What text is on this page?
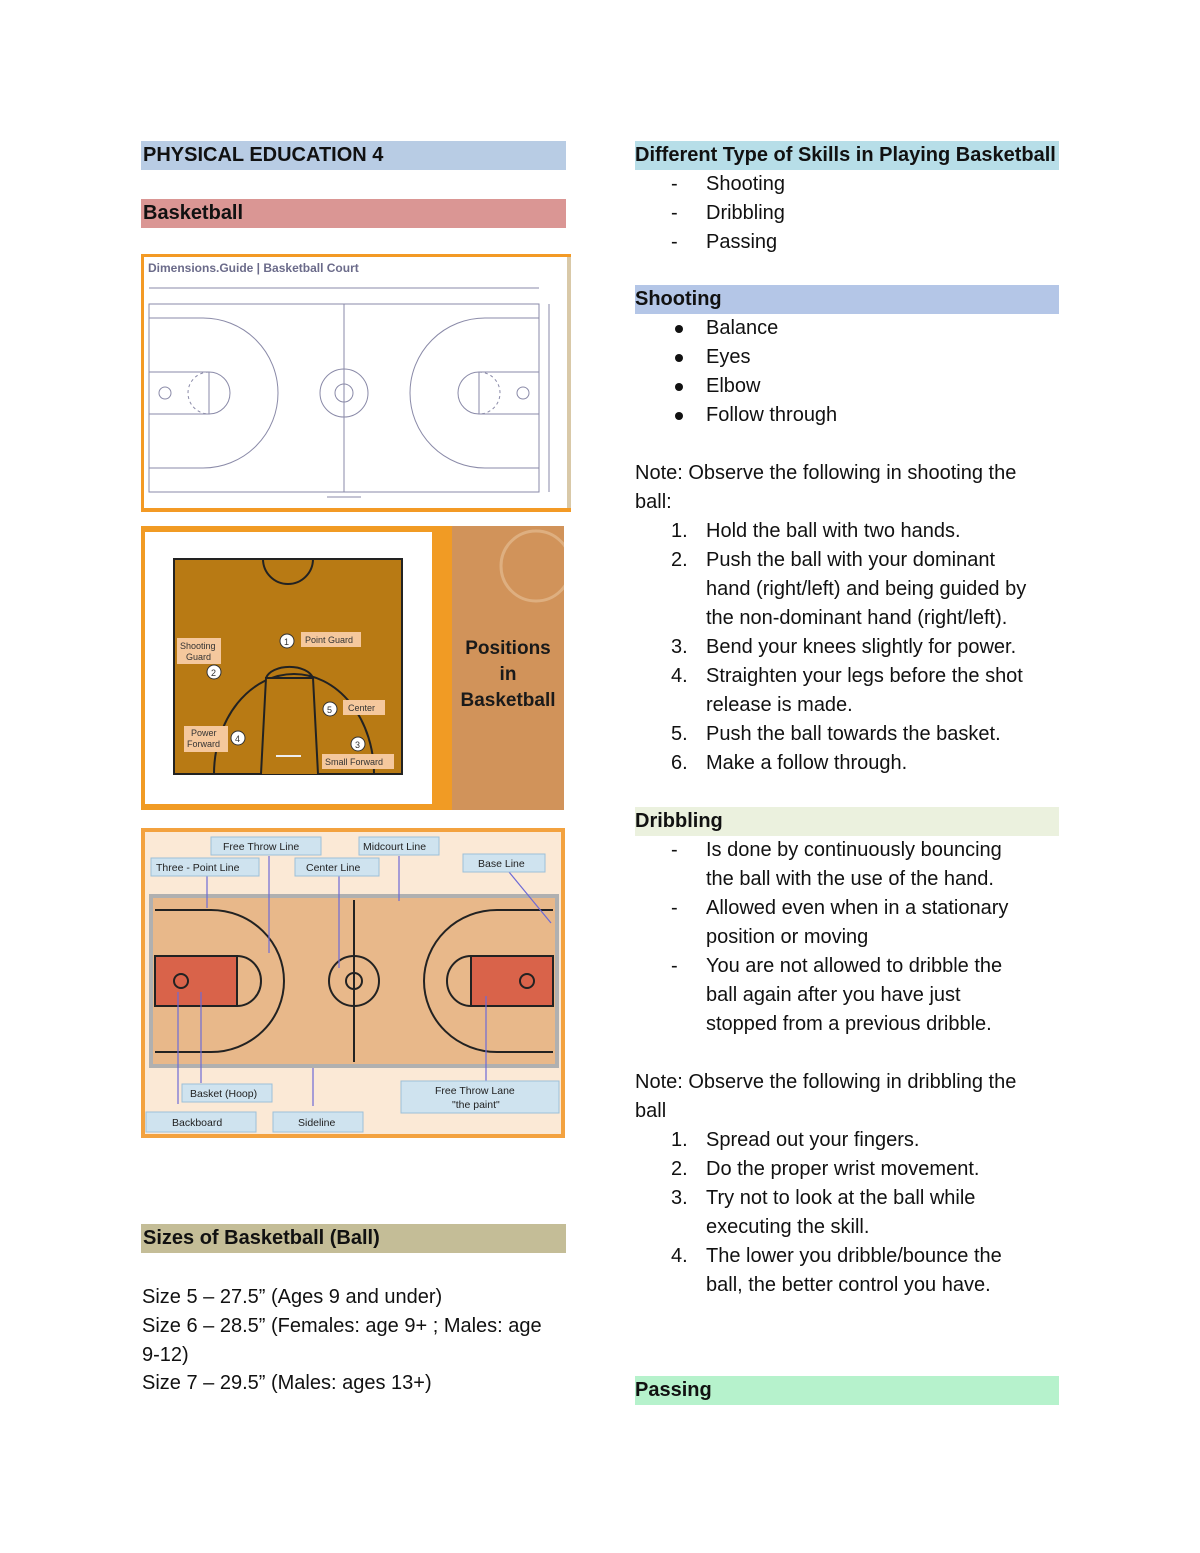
PHYSICAL EDUCATION 4
Basketball
Dimensions.Guide | Basketball Court
Shooting
Guard
2
1 Point Guard
5 Center
Power
Forward 4
3
Small Forward
Positions
in
Basketball
Free Throw Line	Midcourt Line
Three - Point Line	Center Line	Base Line
Basket (Hoop)	Free Throw Lane
"the paint"
Backboard	Sideline
Sizes of Basketball (Ball)
Size 5 – 27.5” (Ages 9 and under)
Size 6 – 28.5” (Females: age 9+ ; Males: age
9-12)
Size 7 – 29.5” (Males: ages 13+)
Different Type of Skills in Playing Basketball
- Shooting
- Dribbling
- Passing
Shooting
Balance
Eyes
Elbow
Follow through
Note: Observe the following in shooting the
ball:
1. Hold the ball with two hands.
2. Push the ball with your dominant
hand (right/left) and being guided by
the non-dominant hand (right/left).
3. Bend your knees slightly for power.
4. Straighten your legs before the shot
release is made.
5. Push the ball towards the basket.
6. Make a follow through.
Dribbling
- Is done by continuously bouncing
the ball with the use of the hand.
- Allowed even when in a stationary
position or moving
- You are not allowed to dribble the
ball again after you have just
stopped from a previous dribble.
Note: Observe the following in dribbling the
ball
1. Spread out your fingers.
2. Do the proper wrist movement.
3. Try not to look at the ball while
executing the skill.
4. The lower you dribble/bounce the
ball, the better control you have.
Passing
